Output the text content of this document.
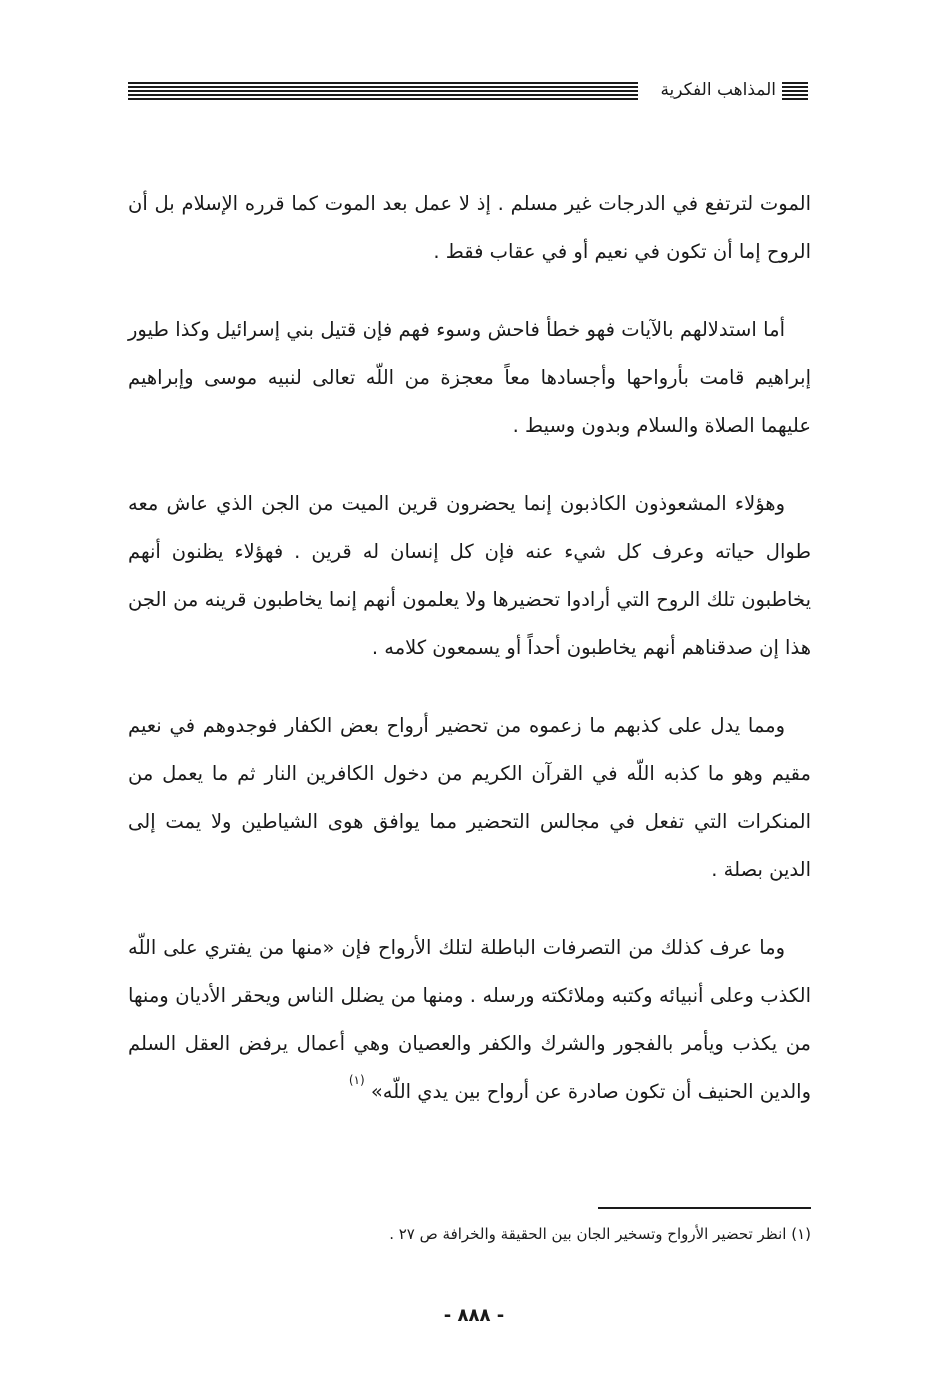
المذاهب الفكرية

الموت لترتفع في الدرجات غير مسلم . إذ لا عمل بعد الموت كما قرره الإسلام بل أن الروح إما أن تكون في نعيم أو في عقاب فقط .

أما استدلالهم بالآيات فهو خطأ فاحش وسوء فهم فإن قتيل بني إسرائيل وكذا طيور إبراهيم قامت بأرواحها وأجسادها معاً معجزة من اللّه تعالى لنبيه موسى وإبراهيم عليهما الصلاة والسلام وبدون وسيط .

وهؤلاء المشعوذون الكاذبون إنما يحضرون قرين الميت من الجن الذي عاش معه طوال حياته وعرف كل شيء عنه فإن كل إنسان له قرين . فهؤلاء يظنون أنهم يخاطبون تلك الروح التي أرادوا تحضيرها ولا يعلمون أنهم إنما يخاطبون قرينه من الجن هذا إن صدقناهم أنهم يخاطبون أحداً أو يسمعون كلامه .

ومما يدل على كذبهم ما زعموه من تحضير أرواح بعض الكفار فوجدوهم في نعيم مقيم وهو ما كذبه اللّه في القرآن الكريم من دخول الكافرين النار ثم ما يعمل من المنكرات التي تفعل في مجالس التحضير مما يوافق هوى الشياطين ولا يمت إلى الدين بصلة .

وما عرف كذلك من التصرفات الباطلة لتلك الأرواح فإن «منها من يفتري على اللّه الكذب وعلى أنبيائه وكتبه وملائكته ورسله . ومنها من يضلل الناس ويحقر الأديان ومنها من يكذب ويأمر بالفجور والشرك والكفر والعصيان وهي أعمال يرفض العقل السلم والدين الحنيف أن تكون صادرة عن أرواح بين يدي اللّه» $^{(١)}$

(١) انظر تحضير الأرواح وتسخير الجان بين الحقيقة والخرافة ص ٢٧ .
- ٨٨٨ -
